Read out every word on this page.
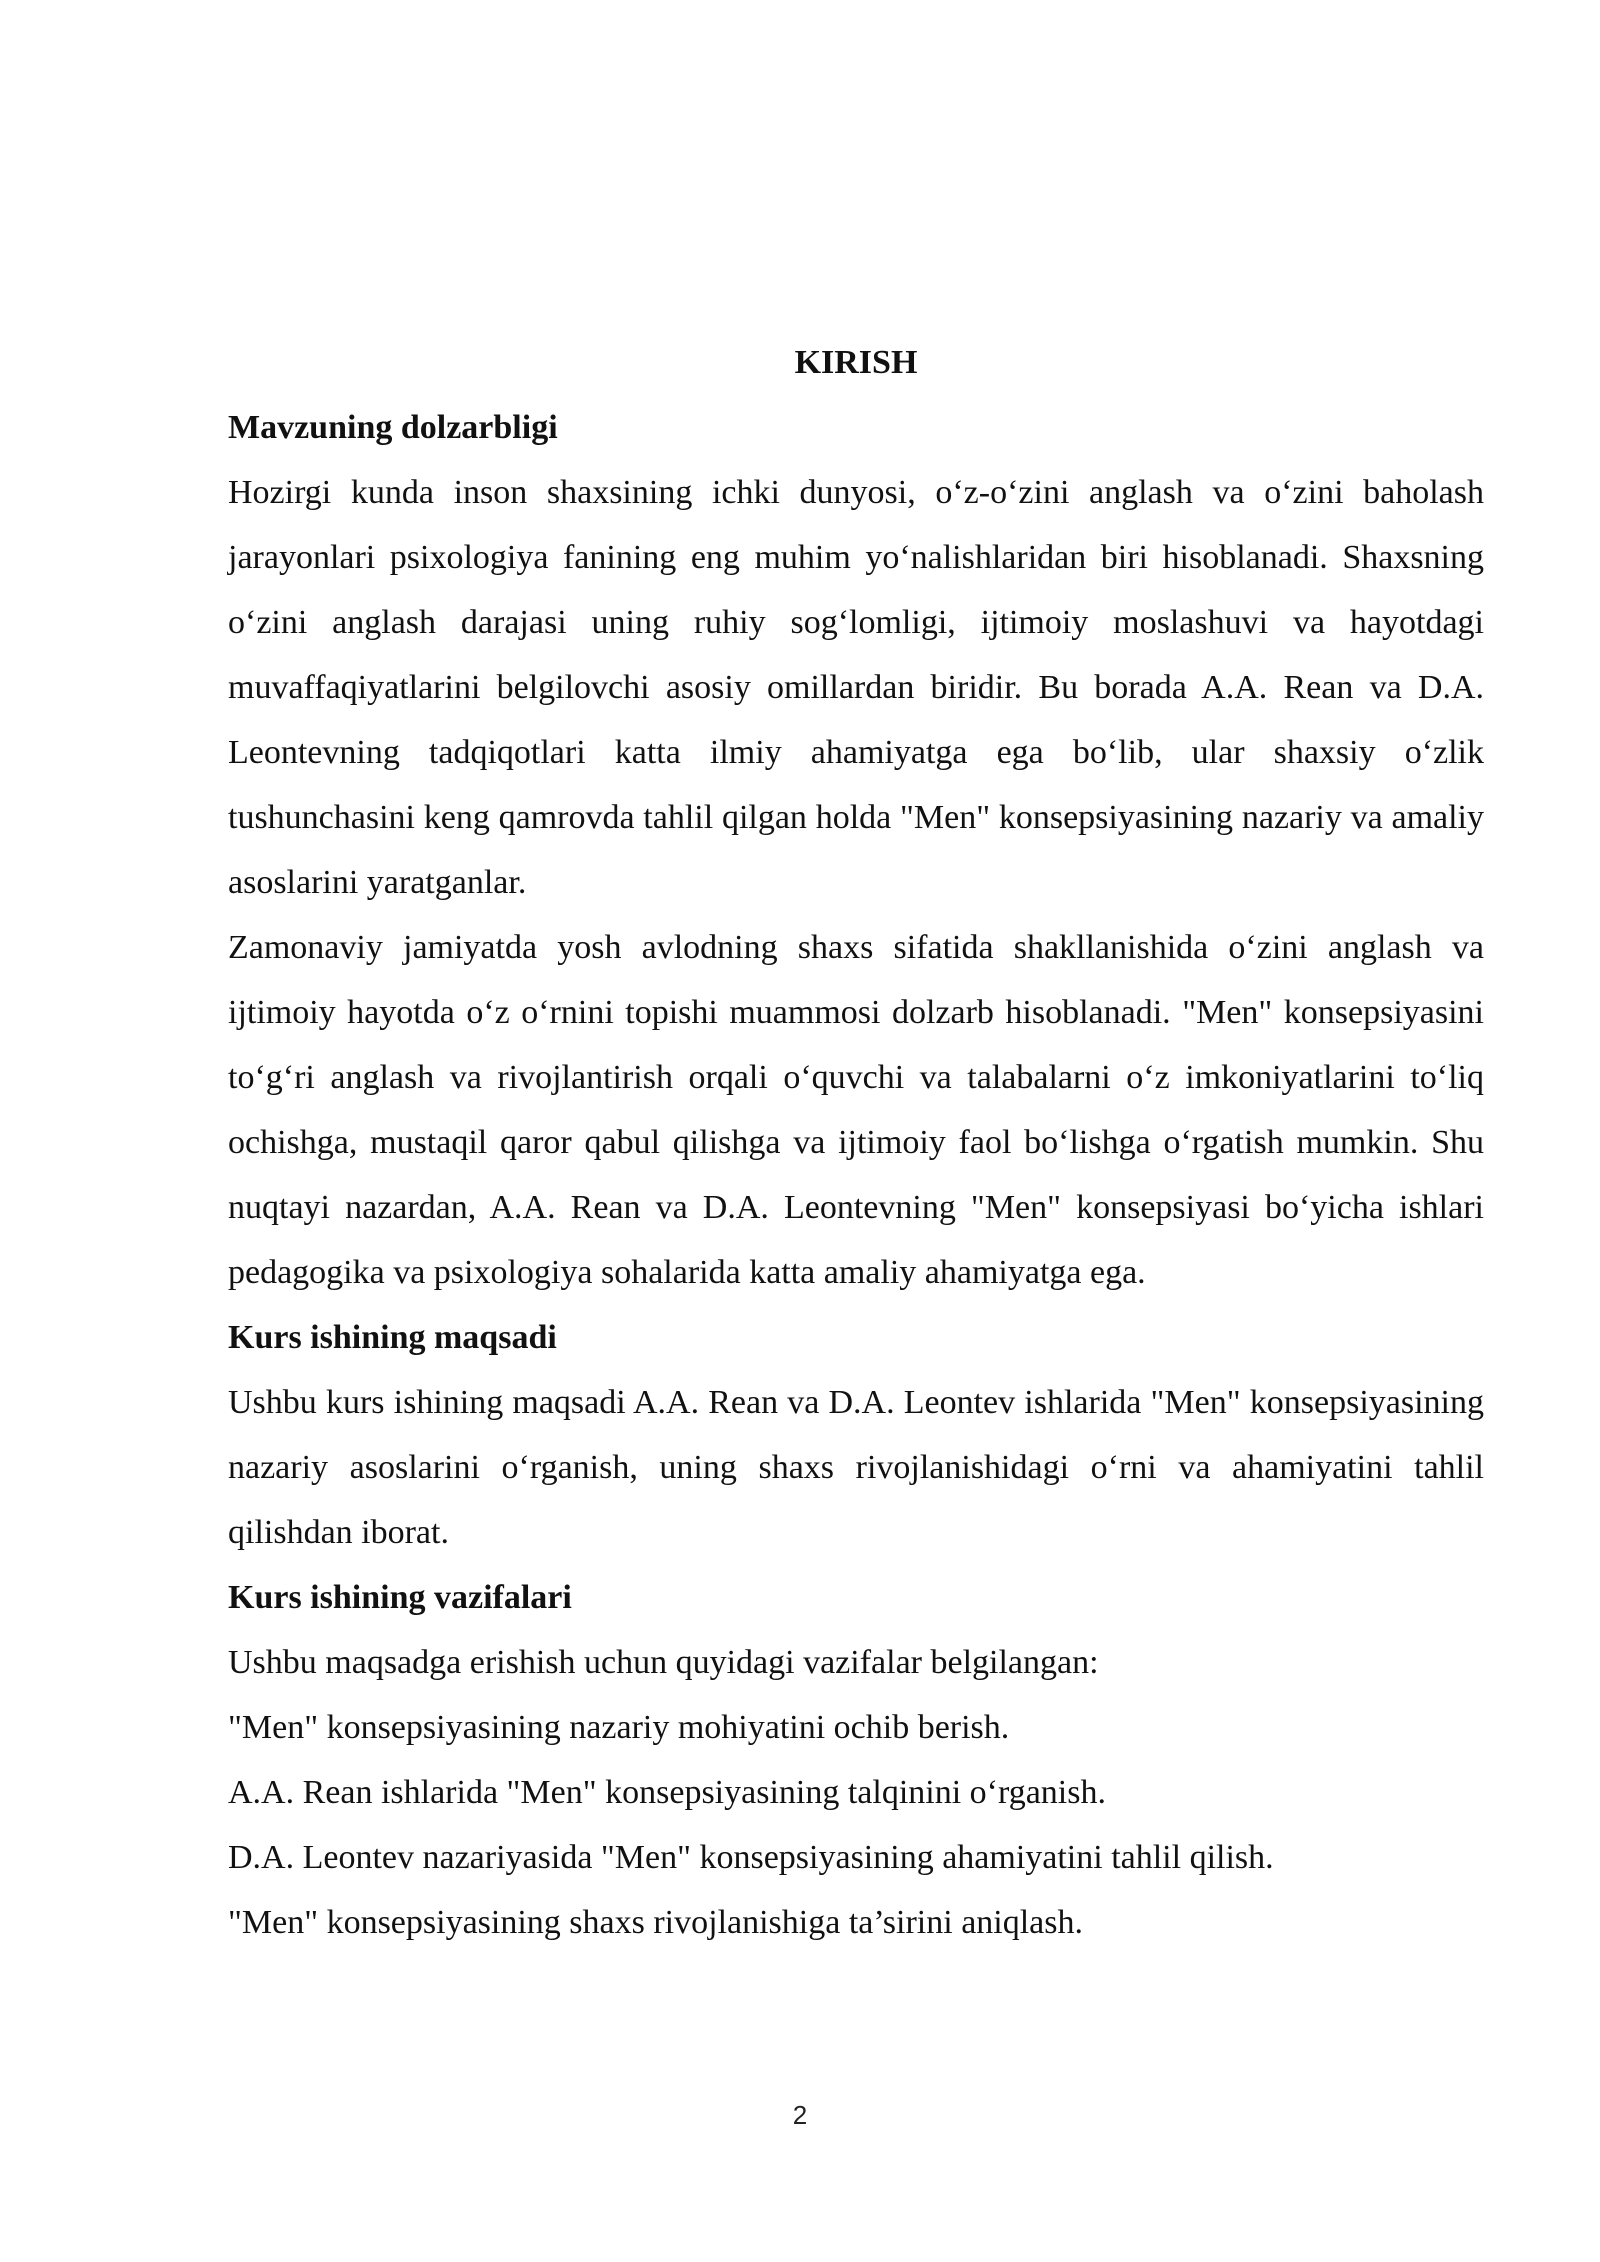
KIRISH
Mavzuning dolzarbligi

Hozirgi kunda inson shaxsining ichki dunyosi, o‘z-o‘zini anglash va o‘zini baholash jarayonlari psixologiya fanining eng muhim yo‘nalishlaridan biri hisoblanadi. Shaxsning o‘zini anglash darajasi uning ruhiy sog‘lomligi, ijtimoiy moslashuvi va hayotdagi muvaffaqiyatlarini belgilovchi asosiy omillardan biridir. Bu borada A.A. Rean va D.A. Leontevning tadqiqotlari katta ilmiy ahamiyatga ega bo‘lib, ular shaxsiy o‘zlik tushunchasini keng qamrovda tahlil qilgan holda "Men" konsepsiyasining nazariy va amaliy asoslarini yaratganlar.

Zamonaviy jamiyatda yosh avlodning shaxs sifatida shakllanishida o‘zini anglash va ijtimoiy hayotda o‘z o‘rnini topishi muammosi dolzarb hisoblanadi. "Men" konsepsiyasini to‘g‘ri anglash va rivojlantirish orqali o‘quvchi va talabalarni o‘z imkoniyatlarini to‘liq ochishga, mustaqil qaror qabul qilishga va ijtimoiy faol bo‘lishga o‘rgatish mumkin. Shu nuqtayi nazardan, A.A. Rean va D.A. Leontevning "Men" konsepsiyasi bo‘yicha ishlari pedagogika va psixologiya sohalarida katta amaliy ahamiyatga ega.

Kurs ishining maqsadi

Ushbu kurs ishining maqsadi A.A. Rean va D.A. Leontev ishlarida "Men" konsepsiyasining nazariy asoslarini o‘rganish, uning shaxs rivojlanishidagi o‘rni va ahamiyatini tahlil qilishdan iborat.

Kurs ishining vazifalari

Ushbu maqsadga erishish uchun quyidagi vazifalar belgilangan:

"Men" konsepsiyasining nazariy mohiyatini ochib berish.

A.A. Rean ishlarida "Men" konsepsiyasining talqinini o‘rganish.

D.A. Leontev nazariyasida "Men" konsepsiyasining ahamiyatini tahlil qilish.

"Men" konsepsiyasining shaxs rivojlanishiga ta’sirini aniqlash.

2
